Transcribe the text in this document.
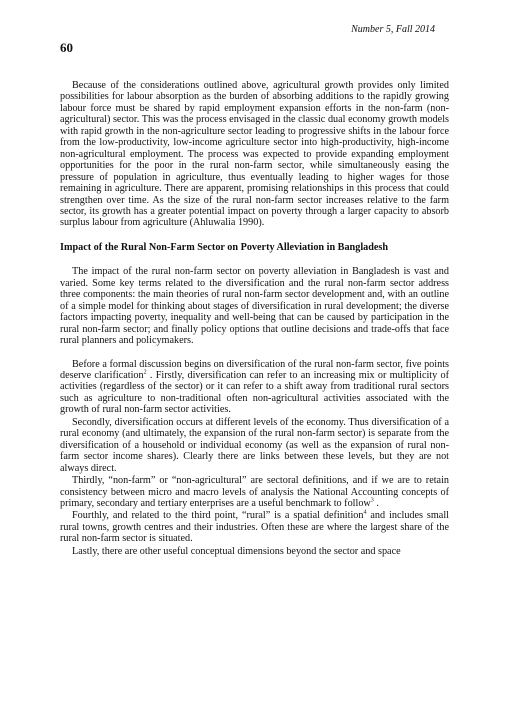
Number 5, Fall 2014
60

Because of the considerations outlined above, agricultural growth provides only limited possibilities for labour absorption as the burden of absorbing additions to the rapidly growing labour force must be shared by rapid employment expansion efforts in the non-farm (non-agricultural) sector. This was the process envisaged in the classic dual economy growth models with rapid growth in the non-agriculture sector leading to progressive shifts in the labour force from the low-productivity, low-income agriculture sector into high-productivity, high-income non-agricultural employment. The process was expected to provide expanding employment opportunities for the poor in the rural non-farm sector, while simultaneously easing the pressure of population in agriculture, thus eventually leading to higher wages for those remaining in agriculture. There are apparent, promising relationships in this process that could strengthen over time. As the size of the rural non-farm sector increases relative to the farm sector, its growth has a greater potential impact on poverty through a larger capacity to absorb surplus labour from agriculture (Ahluwalia 1990).

Impact of the Rural Non-Farm Sector on Poverty Alleviation in Bangladesh

The impact of the rural non-farm sector on poverty alleviation in Bangladesh is vast and varied. Some key terms related to the diversification and the rural non-farm sector address three components: the main theories of rural non-farm sector development and, with an outline of a simple model for thinking about stages of diversification in rural development; the diverse factors impacting poverty, inequality and well-being that can be caused by participation in the rural non-farm sector; and finally policy options that outline decisions and trade-offs that face rural planners and policymakers.

Before a formal discussion begins on diversification of the rural non-farm sector, five points deserve clarification$^2$ . Firstly, diversification can refer to an increasing mix or multiplicity of activities (regardless of the sector) or it can refer to a shift away from traditional rural sectors such as agriculture to non-traditional often non-agricultural activities associated with the growth of rural non-farm sector activities.

Secondly, diversification occurs at different levels of the economy. Thus diversification of a rural economy (and ultimately, the expansion of the rural non-farm sector) is separate from the diversification of a household or individual economy (as well as the expansion of rural non-farm sector income shares). Clearly there are links between these levels, but they are not always direct.

Thirdly, “non-farm” or “non-agricultural” are sectoral definitions, and if we are to retain consistency between micro and macro levels of analysis the National Accounting concepts of primary, secondary and tertiary enterprises are a useful benchmark to follow$^3$ .

Fourthly, and related to the third point, “rural” is a spatial definition$^4$ and includes small rural towns, growth centres and their industries. Often these are where the largest share of the rural non-farm sector is situated.

Lastly, there are other useful conceptual dimensions beyond the sector and space
